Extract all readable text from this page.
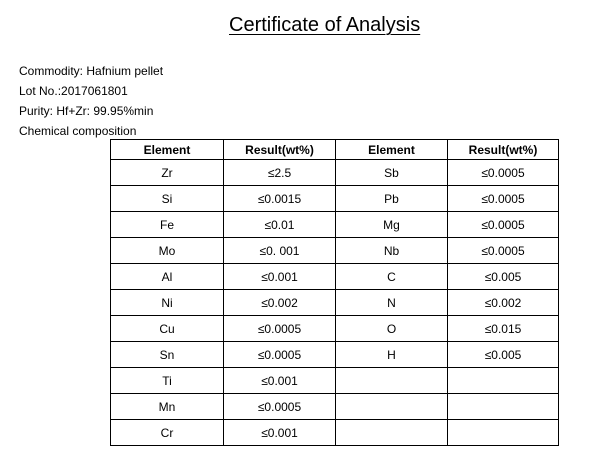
Certificate of Analysis
Commodity: Hafnium pellet
Lot No.:2017061801
Purity: Hf+Zr: 99.95%min
Chemical composition
Element	Result(wt%)	Element	Result(wt%)
Zr	≤2.5	Sb	≤0.0005
Si	≤0.0015	Pb	≤0.0005
Fe	≤0.01	Mg	≤0.0005
Mo	≤0. 001	Nb	≤0.0005
Al	≤0.001	C	≤0.005
Ni	≤0.002	N	≤0.002
Cu	≤0.0005	O	≤0.015
Sn	≤0.0005	H	≤0.005
Ti	≤0.001		
Mn	≤0.0005		
Cr	≤0.001		
